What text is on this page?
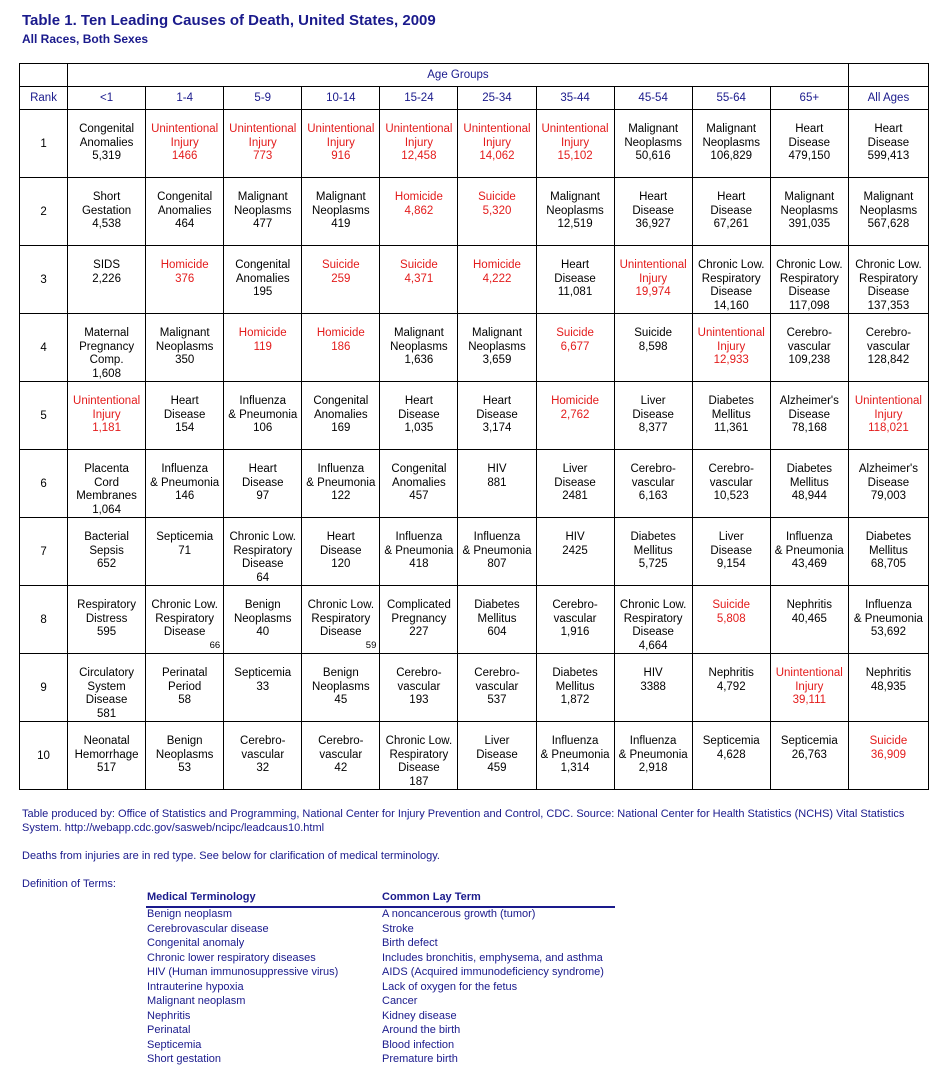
Table 1. Ten Leading Causes of Death, United States, 2009
All Races, Both Sexes
	Age Groups										
Rank	<1	1-4	5-9	10-14	15-24	25-34	35-44	45-54	55-64	65+	All Ages
1	Congenital
Anomalies
5,319	Unintentional
Injury
1466	Unintentional
Injury
773	Unintentional
Injury
916	Unintentional
Injury
12,458	Unintentional
Injury
14,062	Unintentional
Injury
15,102	Malignant
Neoplasms
50,616	Malignant
Neoplasms
106,829	Heart
Disease
479,150	Heart
Disease
599,413

2	Short
Gestation
4,538	Congenital
Anomalies
464	Malignant
Neoplasms
477	Malignant
Neoplasms
419	Homicide
4,862	Suicide
5,320	Malignant
Neoplasms
12,519	Heart
Disease
36,927	Heart
Disease
67,261	Malignant
Neoplasms
391,035	Malignant
Neoplasms
567,628

3	SIDS
2,226	Homicide
376	Congenital
Anomalies
195	Suicide
259	Suicide
4,371	Homicide
4,222	Heart
Disease
11,081	Unintentional
Injury
19,974	Chronic Low.
Respiratory
Disease
14,160	Chronic Low.
Respiratory
Disease
117,098	Chronic Low.
Respiratory
Disease
137,353

4	Maternal
Pregnancy
Comp.
1,608	Malignant
Neoplasms
350	Homicide
119	Homicide
186	Malignant
Neoplasms
1,636	Malignant
Neoplasms
3,659	Suicide
6,677	Suicide
8,598	Unintentional
Injury
12,933	Cerebro-
vascular
109,238	Cerebro-
vascular
128,842

5	Unintentional
Injury
1,181	Heart
Disease
154	Influenza
& Pneumonia
106	Congenital
Anomalies
169	Heart
Disease
1,035	Heart
Disease
3,174	Homicide
2,762	Liver
Disease
8,377	Diabetes
Mellitus
11,361	Alzheimer's
Disease
78,168	Unintentional
Injury
118,021

6	Placenta
Cord
Membranes
1,064	Influenza
& Pneumonia
146	Heart
Disease
97	Influenza
& Pneumonia
122	Congenital
Anomalies
457	HIV
881	Liver
Disease
2481	Cerebro-
vascular
6,163	Cerebro-
vascular
10,523	Diabetes
Mellitus
48,944	Alzheimer's
Disease
79,003

7	Bacterial
Sepsis
652	Septicemia
71	Chronic Low.
Respiratory
Disease
64	Heart
Disease
120	Influenza
& Pneumonia
418	Influenza
& Pneumonia
807	HIV
2425	Diabetes
Mellitus
5,725	Liver
Disease
9,154	Influenza
& Pneumonia
43,469	Diabetes
Mellitus
68,705

8	Respiratory
Distress
595	Chronic Low.
Respiratory
Disease
66	Benign
Neoplasms
40	Chronic Low.
Respiratory
Disease
59	Complicated
Pregnancy
227	Diabetes
Mellitus
604	Cerebro-
vascular
1,916	Chronic Low.
Respiratory
Disease
4,664	Suicide
5,808	Nephritis
40,465	Influenza
& Pneumonia
53,692

9	Circulatory
System
Disease
581	Perinatal
Period
58	Septicemia
33	Benign
Neoplasms
45	Cerebro-
vascular
193	Cerebro-
vascular
537	Diabetes
Mellitus
1,872	HIV
3388	Nephritis
4,792	Unintentional
Injury
39,111	Nephritis
48,935

10	Neonatal
Hemorrhage
517	Benign
Neoplasms
53	Cerebro-
vascular
32	Cerebro-
vascular
42	Chronic Low.
Respiratory
Disease
187	Liver
Disease
459	Influenza
& Pneumonia
1,314	Influenza
& Pneumonia
2,918	Septicemia
4,628	Septicemia
26,763	Suicide
36,909
Table produced by: Office of Statistics and Programming, National Center for Injury Prevention and Control, CDC. Source: National Center for Health Statistics (NCHS) Vital Statistics System. http://webapp.cdc.gov/sasweb/ncipc/leadcaus10.html
Deaths from injuries are in red type. See below for clarification of medical terminology.
Definition of Terms:
Medical Terminology	Common Lay Term
Benign neoplasm	A noncancerous growth (tumor)
Cerebrovascular disease	Stroke
Congenital anomaly	Birth defect
Chronic lower respiratory diseases	Includes bronchitis, emphysema, and asthma
HIV (Human immunosuppressive virus)	AIDS (Acquired immunodeficiency syndrome)
Intrauterine hypoxia	Lack of oxygen for the fetus
Malignant neoplasm	Cancer
Nephritis	Kidney disease
Perinatal	Around the birth
Septicemia	Blood infection
Short gestation	Premature birth
